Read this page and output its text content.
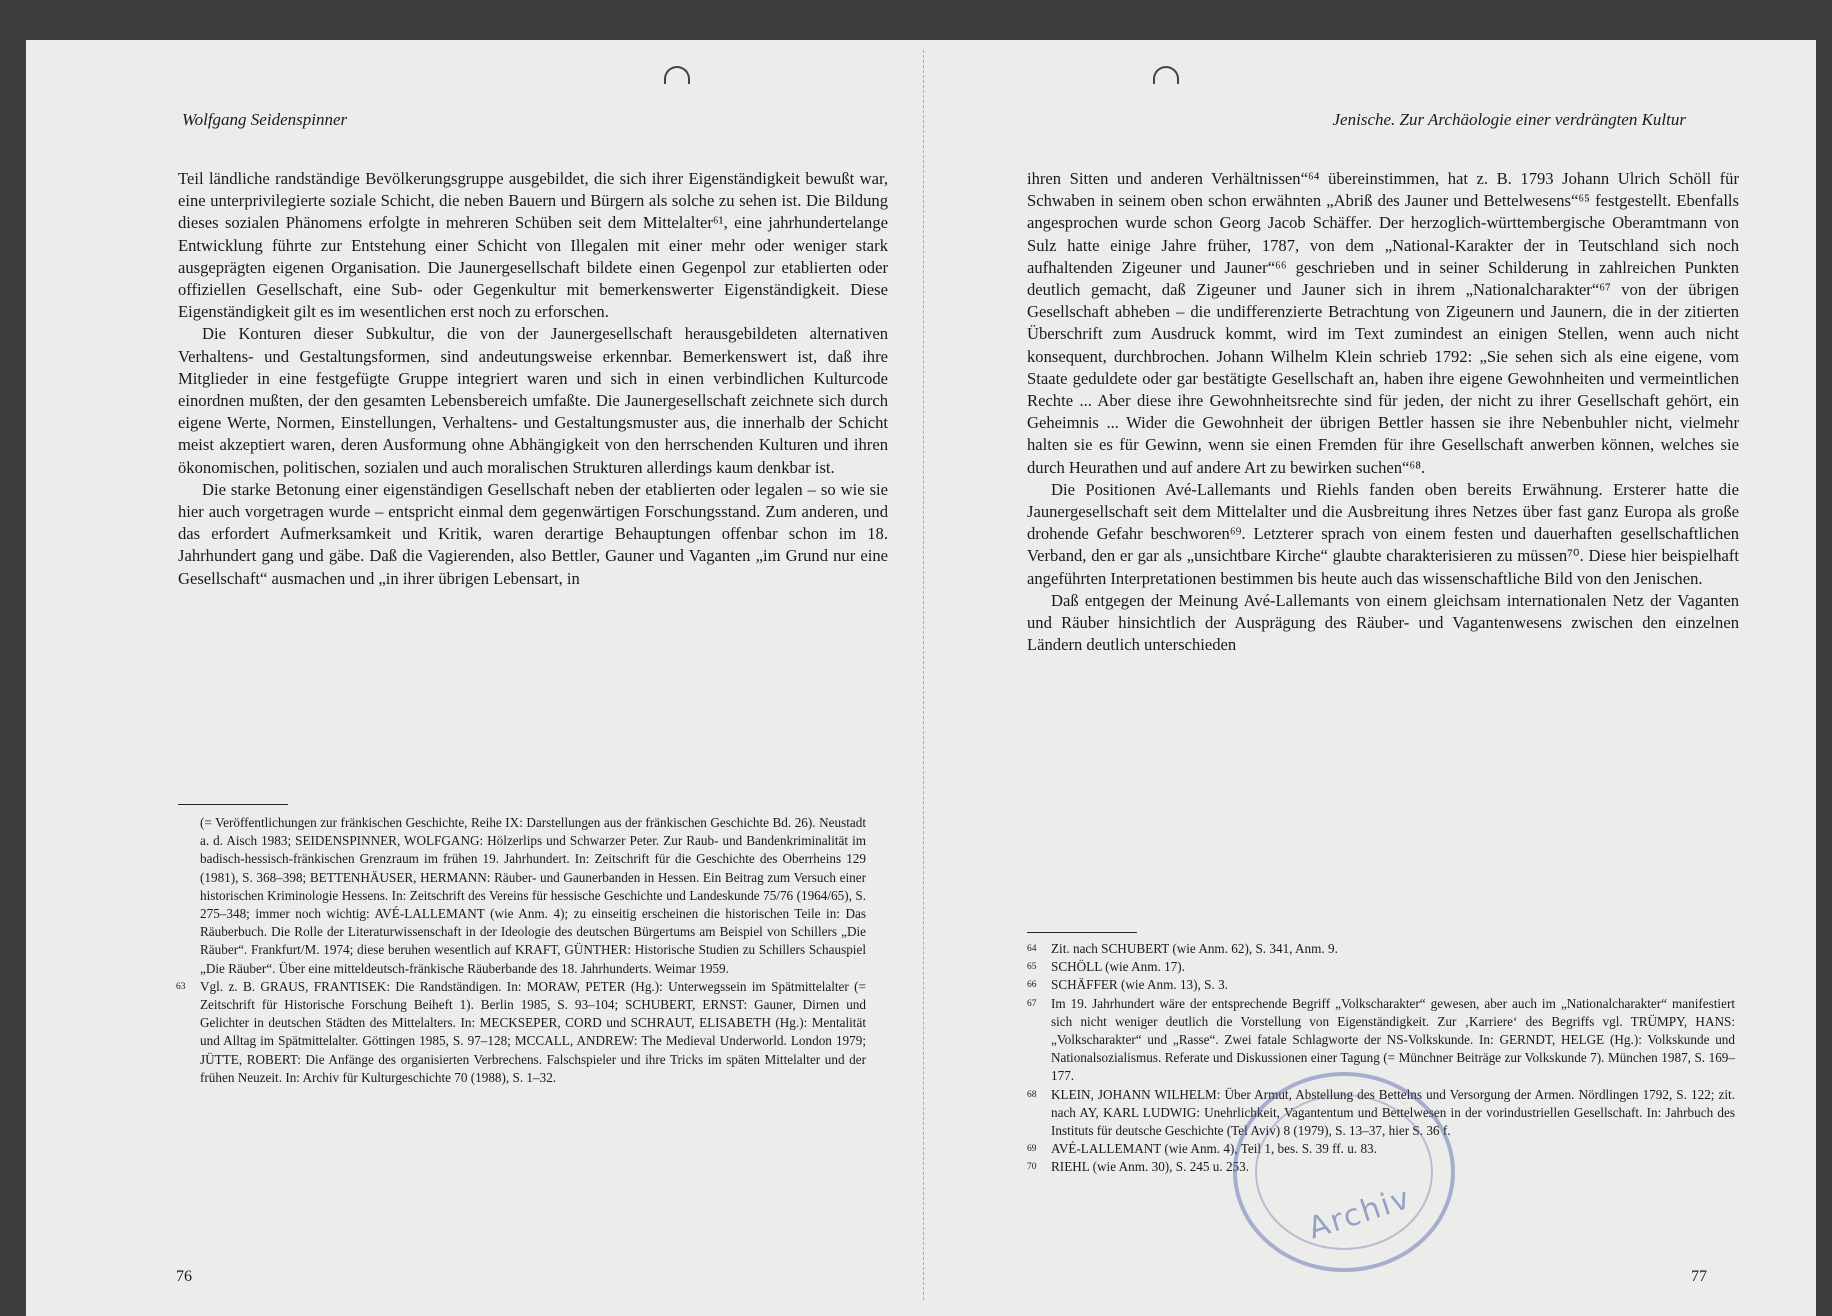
Wolfgang Seidenspinner

Teil ländliche randständige Bevölkerungsgruppe ausgebildet, die sich ihrer Eigenständigkeit bewußt war, eine unterprivilegierte soziale Schicht, die neben Bauern und Bürgern als solche zu sehen ist. Die Bildung dieses sozialen Phänomens erfolgte in mehreren Schüben seit dem Mittelalter⁶¹, eine jahrhundertelange Entwicklung führte zur Entstehung einer Schicht von Illegalen mit einer mehr oder weniger stark ausgeprägten eigenen Organisation. Die Jaunergesellschaft bildete einen Gegenpol zur etablierten oder offiziellen Gesellschaft, eine Sub- oder Gegenkultur mit bemerkenswerter Eigenständigkeit. Diese Eigenständigkeit gilt es im wesentlichen erst noch zu erforschen.

Die Konturen dieser Subkultur, die von der Jaunergesellschaft herausgebildeten alternativen Verhaltens- und Gestaltungsformen, sind andeutungsweise erkennbar. Bemerkenswert ist, daß ihre Mitglieder in eine festgefügte Gruppe integriert waren und sich in einen verbindlichen Kulturcode einordnen mußten, der den gesamten Lebensbereich umfaßte. Die Jaunergesellschaft zeichnete sich durch eigene Werte, Normen, Einstellungen, Verhaltens- und Gestaltungsmuster aus, die innerhalb der Schicht meist akzeptiert waren, deren Ausformung ohne Abhängigkeit von den herrschenden Kulturen und ihren ökonomischen, politischen, sozialen und auch moralischen Strukturen allerdings kaum denkbar ist.

Die starke Betonung einer eigenständigen Gesellschaft neben der etablierten oder legalen – so wie sie hier auch vorgetragen wurde – entspricht einmal dem gegenwärtigen Forschungsstand. Zum anderen, und das erfordert Aufmerksamkeit und Kritik, waren derartige Behauptungen offenbar schon im 18. Jahrhundert gang und gäbe. Daß die Vagierenden, also Bettler, Gauner und Vaganten „im Grund nur eine Gesellschaft“ ausmachen und „in ihrer übrigen Lebensart, in

(= Veröffentlichungen zur fränkischen Geschichte, Reihe IX: Darstellungen aus der fränkischen Geschichte Bd. 26). Neustadt a. d. Aisch 1983; SEIDENSPINNER, WOLFGANG: Hölzerlips und Schwarzer Peter. Zur Raub- und Bandenkriminalität im badisch-hessisch-fränkischen Grenzraum im frühen 19. Jahrhundert. In: Zeitschrift für die Geschichte des Oberrheins 129 (1981), S. 368–398; BETTENHÄUSER, HERMANN: Räuber- und Gaunerbanden in Hessen. Ein Beitrag zum Versuch einer historischen Kriminologie Hessens. In: Zeitschrift des Vereins für hessische Geschichte und Landeskunde 75/76 (1964/65), S. 275–348; immer noch wichtig: AVÉ-LALLEMANT (wie Anm. 4); zu einseitig erscheinen die historischen Teile in: Das Räuberbuch. Die Rolle der Literaturwissenschaft in der Ideologie des deutschen Bürgertums am Beispiel von Schillers „Die Räuber“. Frankfurt/M. 1974; diese beruhen wesentlich auf KRAFT, GÜNTHER: Historische Studien zu Schillers Schauspiel „Die Räuber“. Über eine mitteldeutsch-fränkische Räuberbande des 18. Jahrhunderts. Weimar 1959.
63 Vgl. z. B. GRAUS, FRANTISEK: Die Randständigen. In: MORAW, PETER (Hg.): Unterwegssein im Spätmittelalter (= Zeitschrift für Historische Forschung Beiheft 1). Berlin 1985, S. 93–104; SCHUBERT, ERNST: Gauner, Dirnen und Gelichter in deutschen Städten des Mittelalters. In: MECKSEPER, CORD und SCHRAUT, ELISABETH (Hg.): Mentalität und Alltag im Spätmittelalter. Göttingen 1985, S. 97–128; MCCALL, ANDREW: The Medieval Underworld. London 1979; JÜTTE, ROBERT: Die Anfänge des organisierten Verbrechens. Falschspieler und ihre Tricks im späten Mittelalter und der frühen Neuzeit. In: Archiv für Kulturgeschichte 70 (1988), S. 1–32.
76
Jenische. Zur Archäologie einer verdrängten Kultur

ihren Sitten und anderen Verhältnissen“⁶⁴ übereinstimmen, hat z. B. 1793 Johann Ulrich Schöll für Schwaben in seinem oben schon erwähnten „Abriß des Jauner und Bettelwesens“⁶⁵ festgestellt. Ebenfalls angesprochen wurde schon Georg Jacob Schäffer. Der herzoglich-württembergische Oberamtmann von Sulz hatte einige Jahre früher, 1787, von dem „National-Karakter der in Teutschland sich noch aufhaltenden Zigeuner und Jauner“⁶⁶ geschrieben und in seiner Schilderung in zahlreichen Punkten deutlich gemacht, daß Zigeuner und Jauner sich in ihrem „Nationalcharakter“⁶⁷ von der übrigen Gesellschaft abheben – die undifferenzierte Betrachtung von Zigeunern und Jaunern, die in der zitierten Überschrift zum Ausdruck kommt, wird im Text zumindest an einigen Stellen, wenn auch nicht konsequent, durchbrochen. Johann Wilhelm Klein schrieb 1792: „Sie sehen sich als eine eigene, vom Staate geduldete oder gar bestätigte Gesellschaft an, haben ihre eigene Gewohnheiten und vermeintlichen Rechte ... Aber diese ihre Gewohnheitsrechte sind für jeden, der nicht zu ihrer Gesellschaft gehört, ein Geheimnis ... Wider die Gewohnheit der übrigen Bettler hassen sie ihre Nebenbuhler nicht, vielmehr halten sie es für Gewinn, wenn sie einen Fremden für ihre Gesellschaft anwerben können, welches sie durch Heurathen und auf andere Art zu bewirken suchen“⁶⁸.

Die Positionen Avé-Lallemants und Riehls fanden oben bereits Erwähnung. Ersterer hatte die Jaunergesellschaft seit dem Mittelalter und die Ausbreitung ihres Netzes über fast ganz Europa als große drohende Gefahr beschworen⁶⁹. Letzterer sprach von einem festen und dauerhaften gesellschaftlichen Verband, den er gar als „unsichtbare Kirche“ glaubte charakterisieren zu müssen⁷⁰. Diese hier beispielhaft angeführten Interpretationen bestimmen bis heute auch das wissenschaftliche Bild von den Jenischen.

Daß entgegen der Meinung Avé-Lallemants von einem gleichsam internationalen Netz der Vaganten und Räuber hinsichtlich der Ausprägung des Räuber- und Vagantenwesens zwischen den einzelnen Ländern deutlich unterschieden

64 Zit. nach SCHUBERT (wie Anm. 62), S. 341, Anm. 9.
65 SCHÖLL (wie Anm. 17).
66 SCHÄFFER (wie Anm. 13), S. 3.
67 Im 19. Jahrhundert wäre der entsprechende Begriff „Volkscharakter“ gewesen, aber auch im „Nationalcharakter“ manifestiert sich nicht weniger deutlich die Vorstellung von Eigenständigkeit. Zur ‚Karriere‘ des Begriffs vgl. TRÜMPY, HANS: „Volkscharakter“ und „Rasse“. Zwei fatale Schlagworte der NS-Volkskunde. In: GERNDT, HELGE (Hg.): Volkskunde und Nationalsozialismus. Referate und Diskussionen einer Tagung (= Münchner Beiträge zur Volkskunde 7). München 1987, S. 169–177.
68 KLEIN, JOHANN WILHELM: Über Armut, Abstellung des Bettelns und Versorgung der Armen. Nördlingen 1792, S. 122; zit. nach AY, KARL LUDWIG: Unehrlichkeit, Vagantentum und Bettelwesen in der vorindustriellen Gesellschaft. In: Jahrbuch des Instituts für deutsche Geschichte (Tel Aviv) 8 (1979), S. 13–37, hier S. 36 f.
69 AVÉ-LALLEMANT (wie Anm. 4), Teil 1, bes. S. 39 ff. u. 83.
70 RIEHL (wie Anm. 30), S. 245 u. 253.
77
Archiv
